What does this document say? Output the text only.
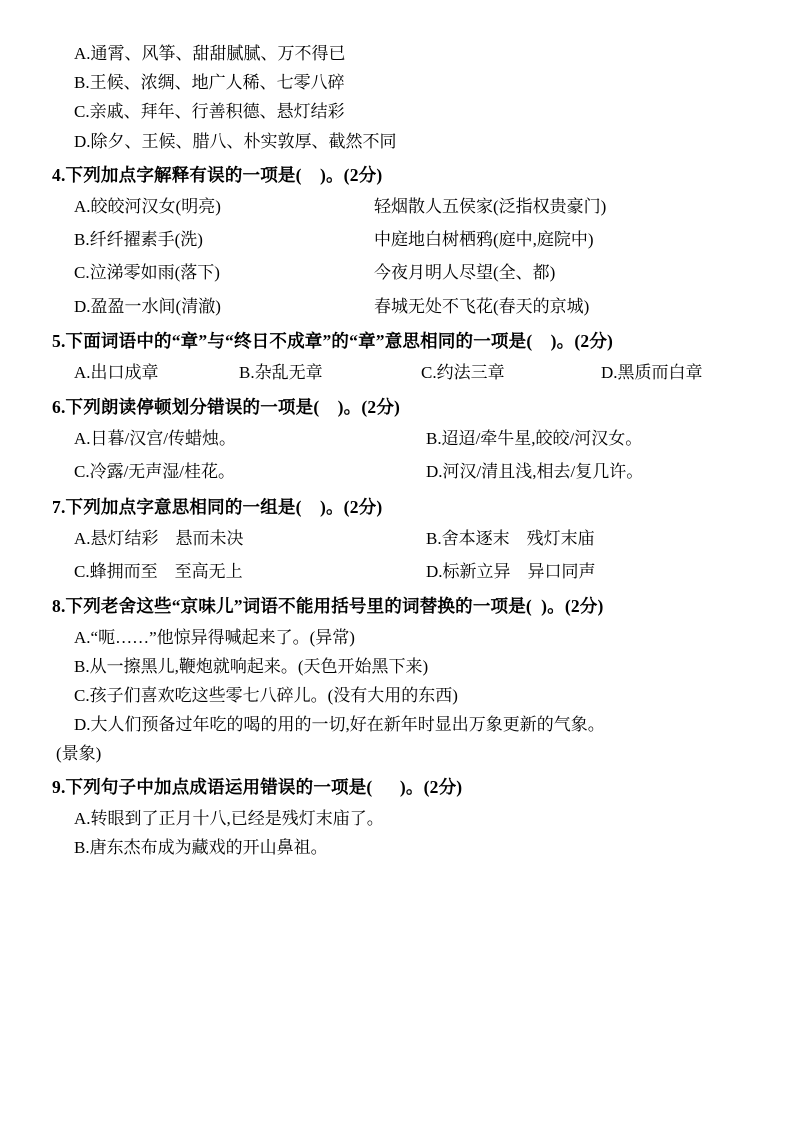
A.通霄、风筝、甜甜腻腻、万不得已
B.王候、浓绸、地广人稀、七零八碎
C.亲戚、拜年、行善积德、悬灯结彩
D.除夕、王候、腊八、朴实敦厚、截然不同
4.下列加点字解释有误的一项是(    )。(2分)
A.皎皎河汉女(明亮)	轻烟散人五侯家(泛指权贵豪门)
B.纤纤擢素手(洗)	中庭地白树栖鸦(庭中,庭院中)
C.泣涕零如雨(落下)	今夜月明人尽望(全、都)
D.盈盈一水间(清澈)	春城无处不飞花(春天的京城)
5.下面词语中的“章”与“终日不成章”的“章”意思相同的一项是(    )。(2分)
A.出口成章	B.杂乱无章	C.约法三章	D.黑质而白章
6.下列朗读停顿划分错误的一项是(    )。(2分)
A.日暮/汉宫/传蜡烛。	B.迢迢/牵牛星,皎皎/河汉女。
C.冷露/无声湿/桂花。	D.河汉/清且浅,相去/复几许。
7.下列加点字意思相同的一组是(    )。(2分)
A.悬灯结彩    悬而未决	B.舍本逐末    残灯末庙
C.蜂拥而至    至高无上	D.标新立异    异口同声
8.下列老舍这些“京味儿”词语不能用括号里的词替换的一项是(  )。(2分)
A.“呃……”他惊异得喊起来了。(异常)
B.从一擦黑儿,鞭炮就响起来。(天色开始黑下来)
C.孩子们喜欢吃这些零七八碎儿。(没有大用的东西)
D.大人们预备过年吃的喝的用的一切,好在新年时显出万象更新的气象。
(景象)
9.下列句子中加点成语运用错误的一项是(      )。(2分)
A.转眼到了正月十八,已经是残灯末庙了。
B.唐东杰布成为藏戏的开山鼻祖。
